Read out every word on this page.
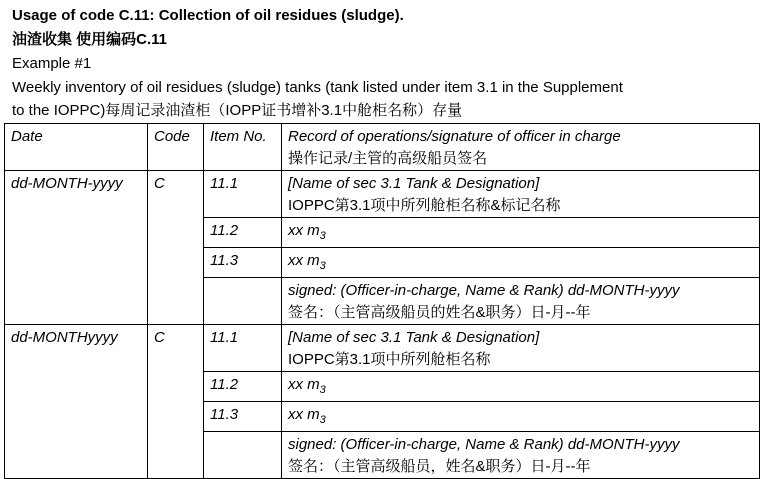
Usage of code C.11: Collection of oil residues (sludge).
油渣收集 使用编码C.11
Example #1
Weekly inventory of oil residues (sludge) tanks (tank listed under item 3.1 in the Supplement
to the IOPPC)每周记录油渣柜（IOPP证书增补3.1中舱柜名称）存量
Date	Code	Item No.	Record of operations/signature of officer in charge
操作记录/主管的高级船员签名

dd-MONTH-yyyy	C	11.1	[Name of sec 3.1 Tank & Designation]
IOPPC第3.1项中所列舱柜名称&标记名称

		11.2	xx $m_3$
		11.3	xx $m_3$
			signed: (Officer-in-charge, Name & Rank) dd-MONTH-yyyy
签名：（主管高级船员的姓名&职务）日-月--年

dd-MONTHyyyy	C	11.1	[Name of sec 3.1 Tank & Designation]
IOPPC第3.1项中所列舱柜名称

		11.2	xx $m_3$
		11.3	xx $m_3$
			signed: (Officer-in-charge, Name & Rank) dd-MONTH-yyyy
签名：（主管高级船员，姓名&职务）日-月--年
